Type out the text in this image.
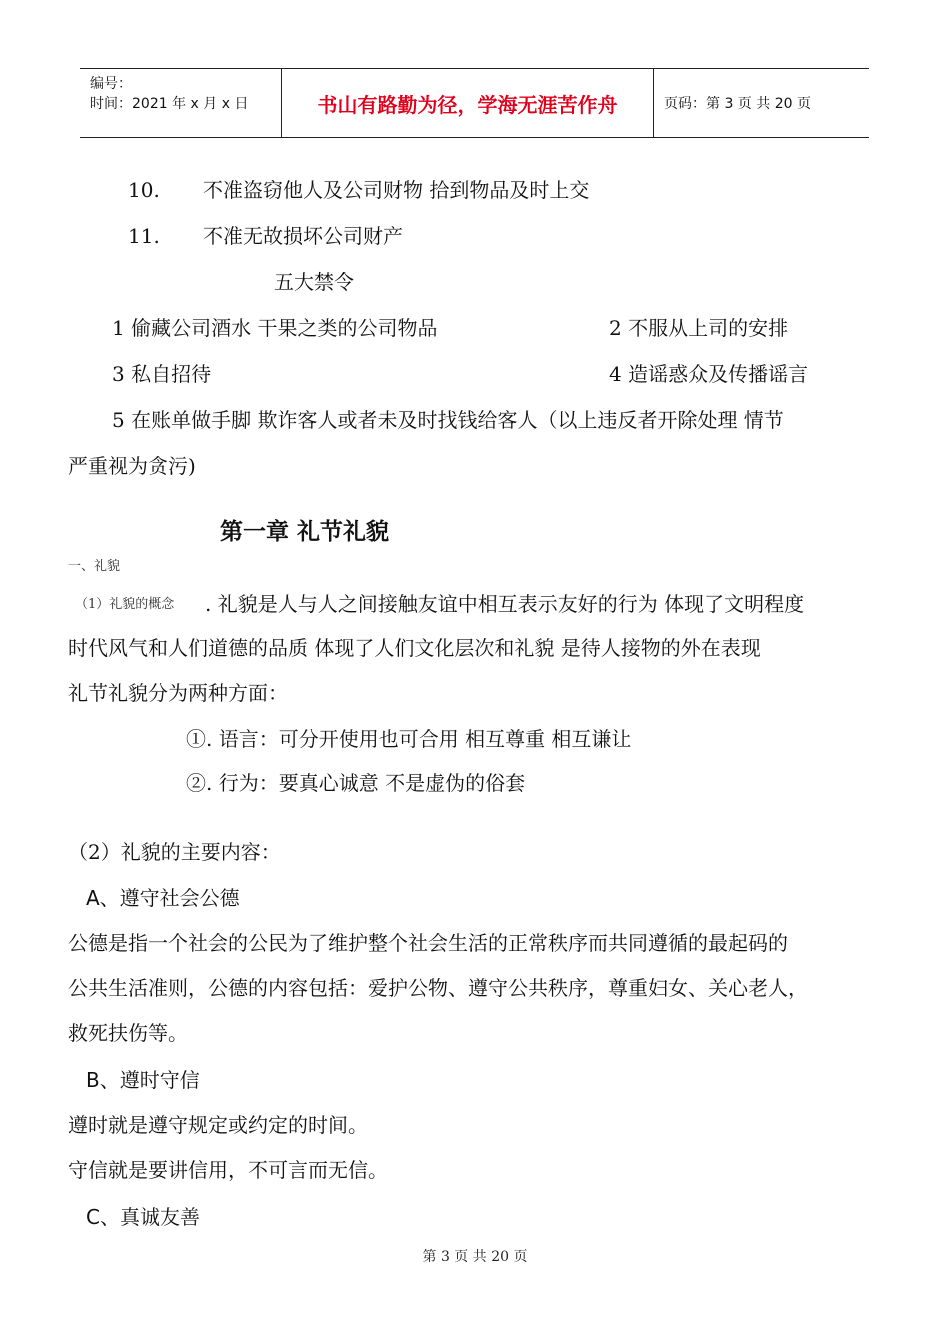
编号：
时间：2021 年 x 月 x 日	书山有路勤为径，学海无涯苦作舟	页码：第 3 页 共 20 页
10. 不准盗窃他人及公司财物 拾到物品及时上交
11. 不准无故损坏公司财产
五大禁令
1 偷藏公司酒水 干果之类的公司物品	2 不服从上司的安排
3 私自招待	4 造谣惑众及传播谣言
5 在账单做手脚 欺诈客人或者未及时找钱给客人（以上违反者开除处理 情节
严重视为贪污)
第一章 礼节礼貌
一、礼貌
（1）礼貌的概念 . 礼貌是人与人之间接触友谊中相互表示友好的行为 体现了文明程度
时代风气和人们道德的品质 体现了人们文化层次和礼貌 是待人接物的外在表现
礼节礼貌分为两种方面：
①. 语言：可分开使用也可合用 相互尊重 相互谦让
②. 行为：要真心诚意 不是虚伪的俗套
（2）礼貌的主要内容：
A、遵守社会公德
公德是指一个社会的公民为了维护整个社会生活的正常秩序而共同遵循的最起码的
公共生活准则，公德的内容包括：爱护公物、遵守公共秩序，尊重妇女、关心老人，
救死扶伤等。
B、遵时守信
遵时就是遵守规定或约定的时间。
守信就是要讲信用，不可言而无信。
C、真诚友善
第 3 页 共 20 页
